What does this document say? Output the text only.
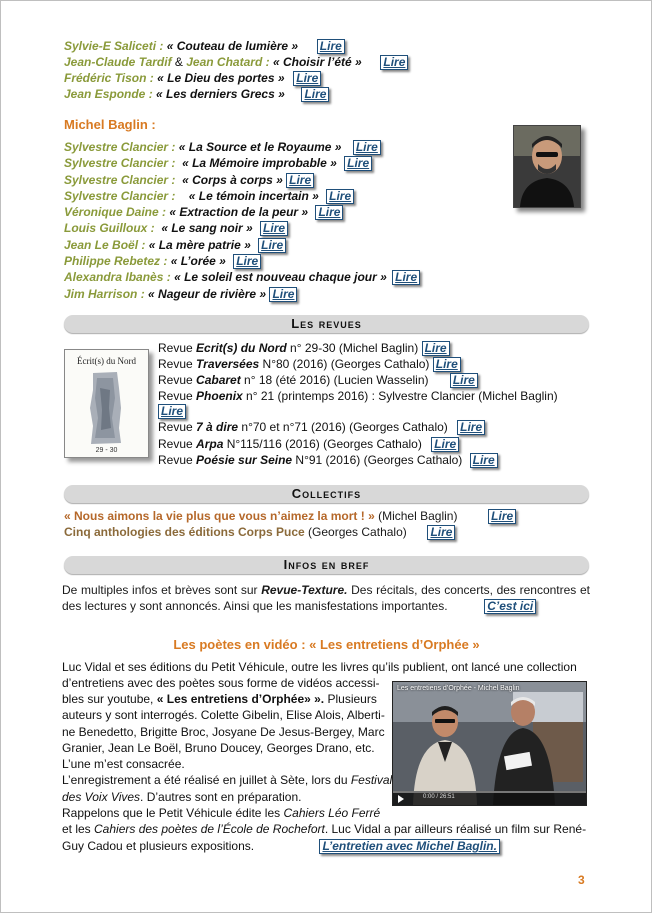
Sylvie-E Saliceti : « Couteau de lumière » Lire
Jean-Claude Tardif & Jean Chatard : « Choisir l’été » Lire
Frédéric Tison : « Le Dieu des portes » Lire
Jean Esponde : « Les derniers Grecs » Lire
Michel Baglin :
Sylvestre Clancier : « La Source et le Royaume » Lire
Sylvestre Clancier : « La Mémoire improbable » Lire
Sylvestre Clancier : « Corps à corps » Lire
Sylvestre Clancier : « Le témoin incertain » Lire
Véronique Daine : « Extraction de la peur » Lire
Louis Guilloux : « Le sang noir » Lire
Jean Le Boël : « La mère patrie » Lire
Philippe Rebetez : « L’orée » Lire
Alexandra Ibanès : « Le soleil est nouveau chaque jour » Lire
Jim Harrison : « Nageur de rivière » Lire
Les revues
Écrit(s) du Nord
29 - 30
Revue Ecrit(s) du Nord n° 29-30 (Michel Baglin) Lire
Revue Traversées N°80 (2016) (Georges Cathalo) Lire
Revue Cabaret n° 18 (été 2016) (Lucien Wasselin) Lire
Revue Phoenix n° 21 (printemps 2016) : Sylvestre Clancier (Michel Baglin)
Lire
Revue 7 à dire n°70 et n°71 (2016) (Georges Cathalo) Lire
Revue Arpa N°115/116 (2016) (Georges Cathalo) Lire
Revue Poésie sur Seine N°91 (2016) (Georges Cathalo) Lire
Collectifs
« Nous aimons la vie plus que vous n’aimez la mort ! » (Michel Baglin)	Lire
Cinq anthologies des éditions Corps Puce (Georges Cathalo) Lire
Infos en bref
De multiples infos et brèves sont sur Revue-Texture. Des récitals, des concerts, des rencontres et des lectures y sont annoncés. Ainsi que les manisfestations importantes.	C’est ici
Les poètes en vidéo : « Les entretiens d’Orphée »
Luc Vidal et ses éditions du Petit Véhicule, outre les livres qu’ils publient, ont lancé une collection
d’entretiens avec des poètes sous forme de vidéos accessi-
bles sur youtube, « Les entretiens d’Orphée» ». Plusieurs
auteurs y sont interrogés. Colette Gibelin, Elise Alois, Alberti-
ne Benedetto, Brigitte Broc, Josyane De Jesus-Bergey, Marc
Granier, Jean Le Boël, Bruno Doucey, Georges Drano, etc.
L’une m’est consacrée.
L’enregistrement a été réalisé en juillet à Sète, lors du Festival
des Voix Vives. D’autres sont en préparation.
Rappelons que le Petit Véhicule édite les Cahiers Léo Ferré
et les Cahiers des poètes de l’École de Rochefort. Luc Vidal a par ailleurs réalisé un film sur René-
Guy Cadou et plusieurs expositions.	L’entretien avec Michel Baglin.
Les entretiens d’Orphée - Michel Baglin
0:00 / 26:51
3
